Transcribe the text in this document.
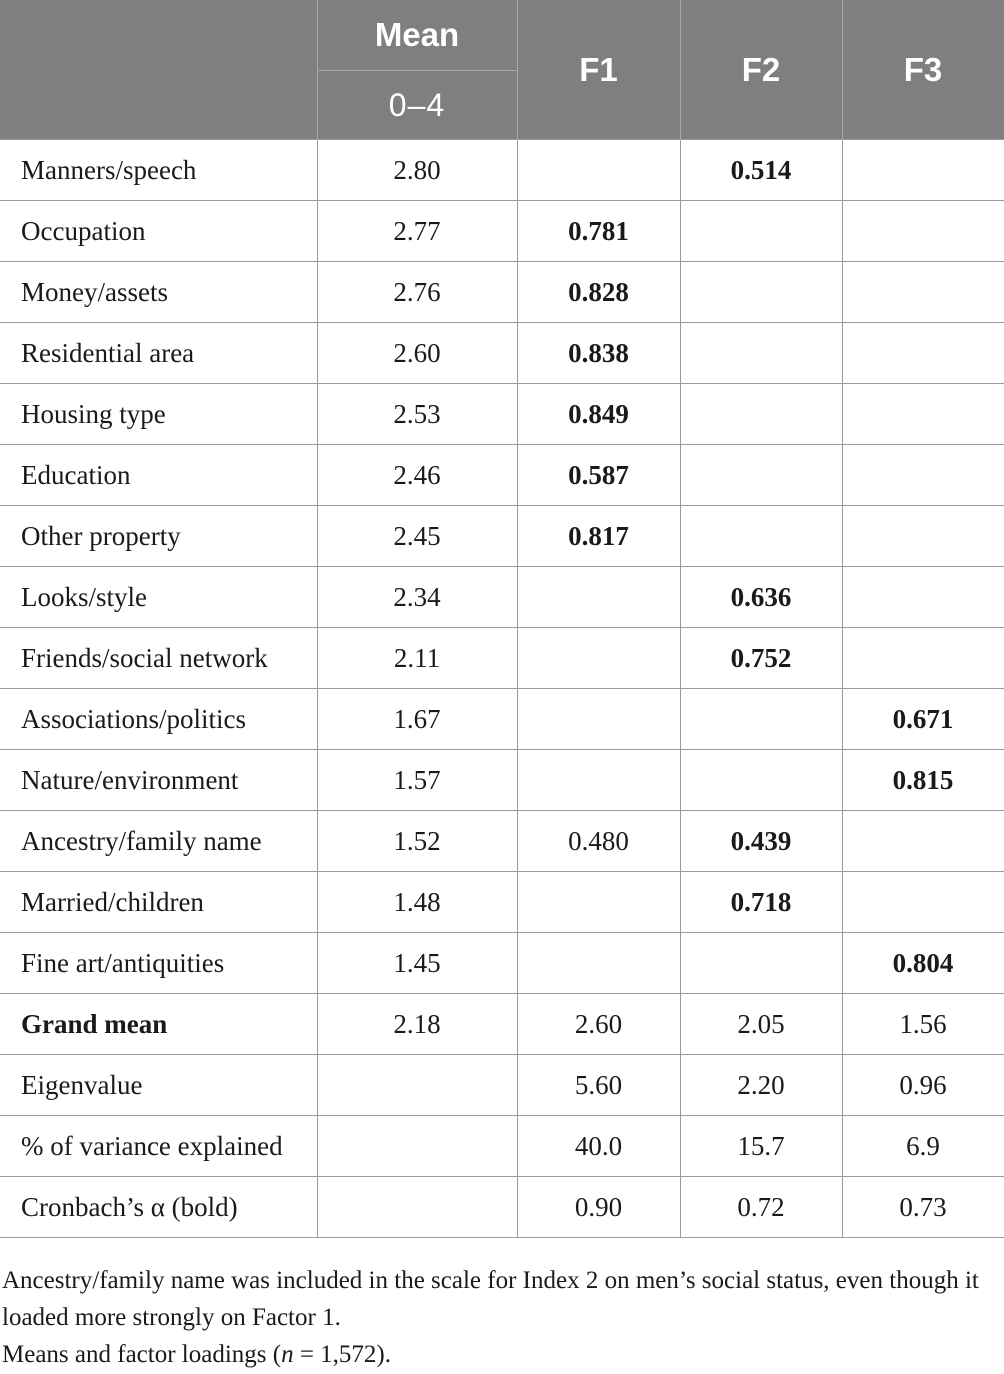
	Mean	F1	F2	F3
	0–4			
Manners/speech	2.80		0.514	
Occupation	2.77	0.781		
Money/assets	2.76	0.828		
Residential area	2.60	0.838		
Housing type	2.53	0.849		
Education	2.46	0.587		
Other property	2.45	0.817		
Looks/style	2.34		0.636	
Friends/social network	2.11		0.752	
Associations/politics	1.67			0.671
Nature/environment	1.57			0.815
Ancestry/family name	1.52	0.480	0.439	
Married/children	1.48		0.718	
Fine art/antiquities	1.45			0.804
Grand mean	2.18	2.60	2.05	1.56
Eigenvalue		5.60	2.20	0.96
% of variance explained		40.0	15.7	6.9
Cronbach’s α (bold)		0.90	0.72	0.73

Ancestry/family name was included in the scale for Index 2 on men’s social status, even though it loaded more strongly on Factor 1.

Means and factor loadings (n = 1,572).
